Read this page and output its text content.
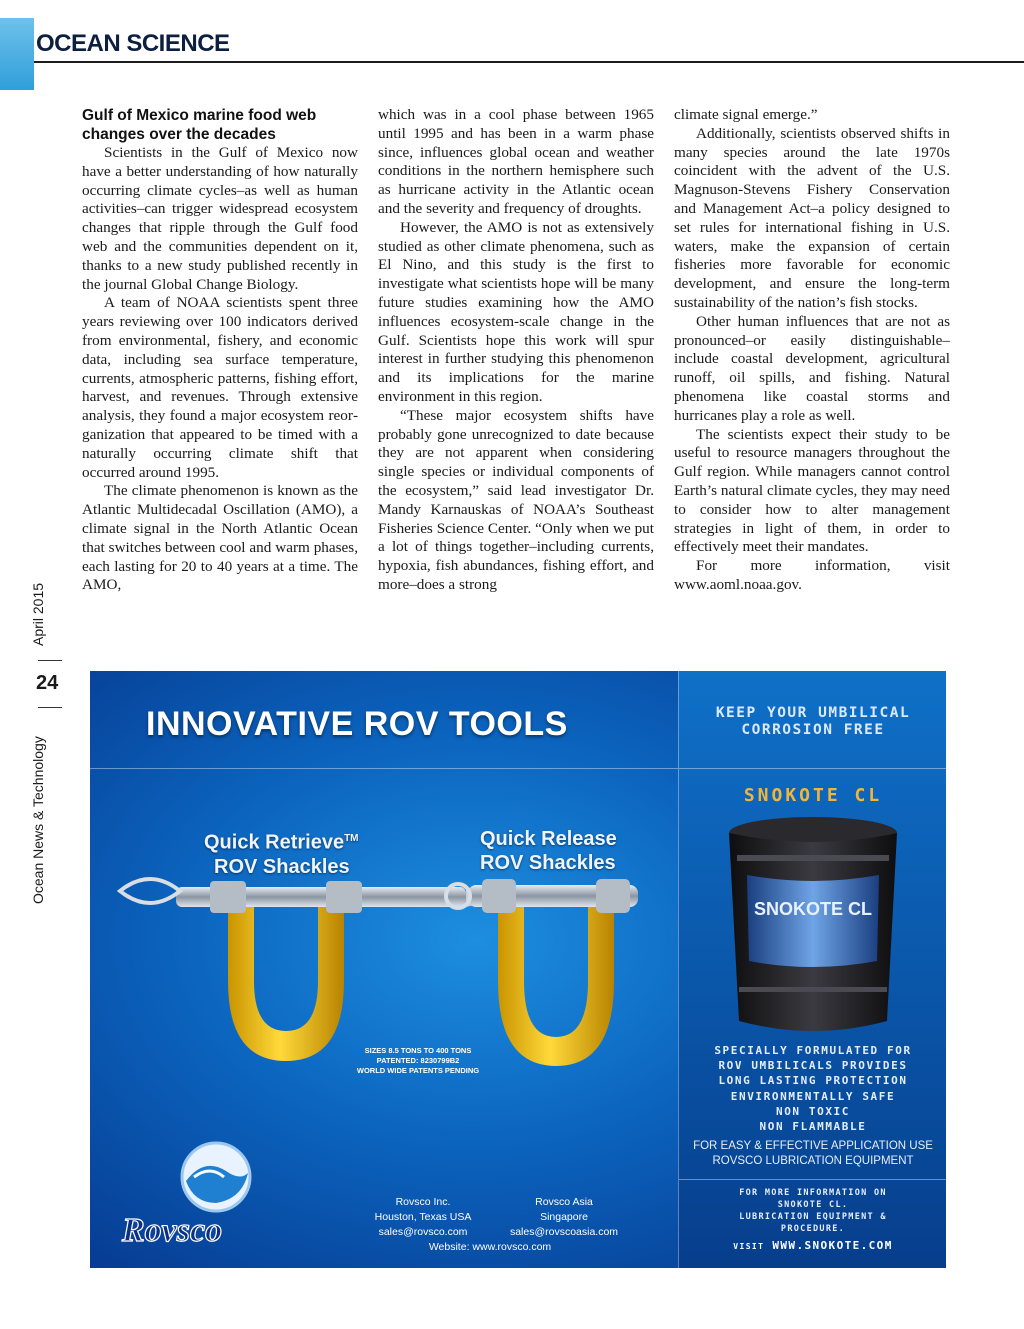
OCEAN SCIENCE
April 2015
24
Ocean News & Technology
Gulf of Mexico marine food web changes over the decades

Scientists in the Gulf of Mexico now have a better understanding of how naturally occurring climate cycles–as well as human activities–can trigger widespread ecosystem changes that ripple through the Gulf food web and the communities dependent on it, thanks to a new study published recently in the journal Global Change Biology.

A team of NOAA scientists spent three years reviewing over 100 indicators derived from environmental, fishery, and economic data, including sea surface temperature, currents, atmospheric patterns, fishing effort, harvest, and revenues. Through extensive analysis, they found a major ecosystem reorganization that appeared to be timed with a naturally occurring climate shift that occurred around 1995.

The climate phenomenon is known as the Atlantic Multidecadal Oscillation (AMO), a climate signal in the North Atlantic Ocean that switches between cool and warm phases, each lasting for 20 to 40 years at a time. The AMO,

which was in a cool phase between 1965 until 1995 and has been in a warm phase since, influences global ocean and weather conditions in the northern hemisphere such as hurricane activity in the Atlantic ocean and the severity and frequency of droughts.

However, the AMO is not as extensively studied as other climate phenomena, such as El Nino, and this study is the first to investigate what scientists hope will be many future studies examining how the AMO influences ecosystem-scale change in the Gulf. Scientists hope this work will spur interest in further studying this phenomenon and its implications for the marine environment in this region.

“These major ecosystem shifts have probably gone unrecognized to date because they are not apparent when considering single species or individual components of the ecosystem,” said lead investigator Dr. Mandy Karnauskas of NOAA’s Southeast Fisheries Science Center. “Only when we put a lot of things together–including currents, hypoxia, fish abundances, fishing effort, and more–does a strong

climate signal emerge.”

Additionally, scientists observed shifts in many species around the late 1970s coincident with the advent of the U.S. Magnuson-Stevens Fishery Conservation and Management Act–a policy designed to set rules for international fishing in U.S. waters, make the expansion of certain fisheries more favorable for economic development, and ensure the long-term sustainability of the nation’s fish stocks.

Other human influences that are not as pronounced–or easily distinguishable–include coastal development, agricultural runoff, oil spills, and fishing. Natural phenomena like coastal storms and hurricanes play a role as well.

The scientists expect their study to be useful to resource managers throughout the Gulf region. While managers cannot control Earth’s natural climate cycles, they may need to consider how to alter management strategies in light of them, in order to effectively meet their mandates.

For more information, visit www.aoml.noaa.gov.

INNOVATIVE ROV TOOLS
Quick Retrieve™
ROV Shackles
Quick Release
ROV Shackles
SIZES 8.5 TONS TO 400 TONS
PATENTED: 8230799B2
WORLD WIDE PATENTS PENDING
Rovsco
Rovsco Inc.
Houston, Texas USA
sales@rovsco.com
Rovsco Asia
Singapore
sales@rovscoasia.com
Website: www.rovsco.com
KEEP YOUR UMBILICAL
CORROSION FREE
SNOKOTE CL
SNOKOTE CL
SPECIALLY FORMULATED FOR
ROV UMBILICALS PROVIDES
LONG LASTING PROTECTION
ENVIRONMENTALLY SAFE
NON TOXIC
NON FLAMMABLE
FOR EASY & EFFECTIVE APPLICATION USE
ROVSCO LUBRICATION EQUIPMENT
FOR MORE INFORMATION ON
SNOKOTE CL.
LUBRICATION EQUIPMENT &
PROCEDURE.
VISIT WWW.SNOKOTE.COM
